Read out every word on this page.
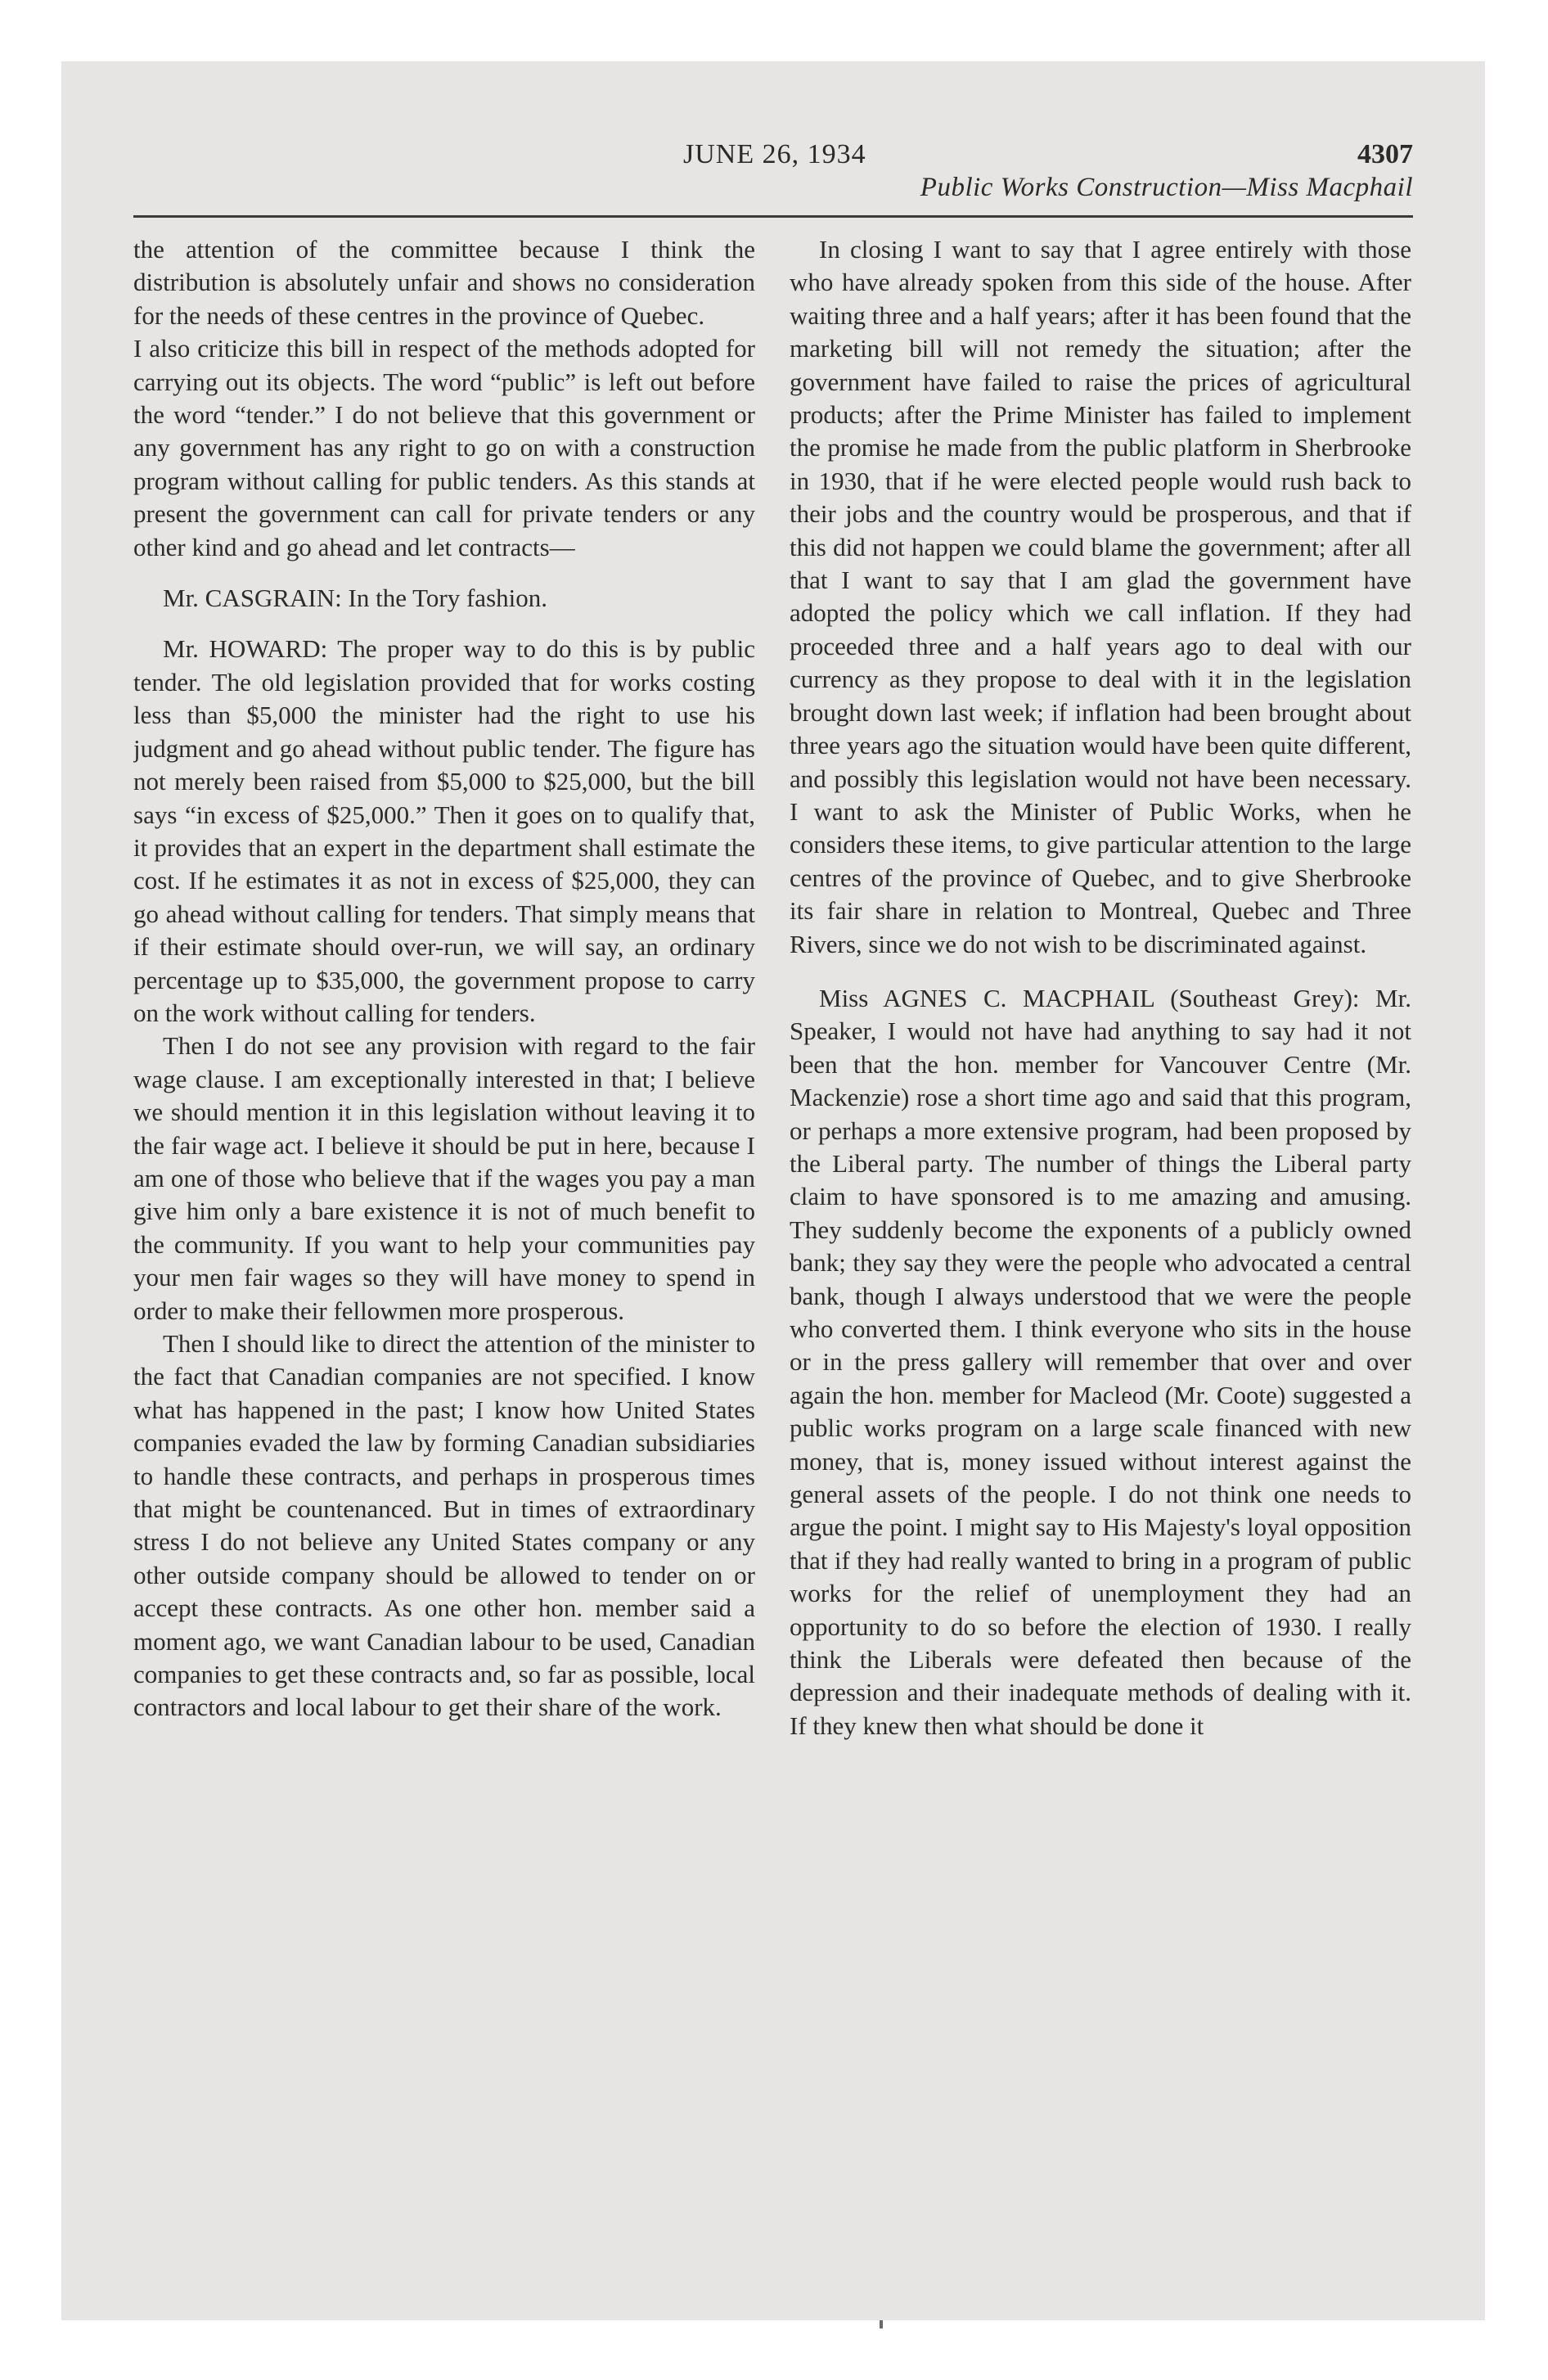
JUNE 26, 1934	4307
Public Works Construction—Miss Macphail

the attention of the committee because I think the distribution is absolutely unfair and shows no consideration for the needs of these centres in the province of Quebec.

I also criticize this bill in respect of the methods adopted for carrying out its objects. The word “public” is left out before the word “tender.” I do not believe that this government or any government has any right to go on with a construction program without calling for public tenders. As this stands at present the government can call for private tenders or any other kind and go ahead and let contracts—

Mr. CASGRAIN: In the Tory fashion.

Mr. HOWARD: The proper way to do this is by public tender. The old legislation provided that for works costing less than $5,000 the minister had the right to use his judgment and go ahead without public tender. The figure has not merely been raised from $5,000 to $25,000, but the bill says “in excess of $25,000.” Then it goes on to qualify that, it provides that an expert in the department shall estimate the cost. If he estimates it as not in excess of $25,000, they can go ahead without calling for tenders. That simply means that if their estimate should over-run, we will say, an ordinary percentage up to $35,000, the government propose to carry on the work without calling for tenders.

Then I do not see any provision with regard to the fair wage clause. I am exceptionally interested in that; I believe we should mention it in this legislation without leaving it to the fair wage act. I believe it should be put in here, because I am one of those who believe that if the wages you pay a man give him only a bare existence it is not of much benefit to the community. If you want to help your communities pay your men fair wages so they will have money to spend in order to make their fellowmen more prosperous.

Then I should like to direct the attention of the minister to the fact that Canadian companies are not specified. I know what has happened in the past; I know how United States companies evaded the law by forming Canadian subsidiaries to handle these contracts, and perhaps in prosperous times that might be countenanced. But in times of extraordinary stress I do not believe any United States company or any other outside company should be allowed to tender on or accept these contracts. As one other hon. member said a moment ago, we want Canadian labour to be used, Canadian companies to get these contracts and, so far as possible, local contractors and local labour to get their share of the work.

In closing I want to say that I agree entirely with those who have already spoken from this side of the house. After waiting three and a half years; after it has been found that the marketing bill will not remedy the situation; after the government have failed to raise the prices of agricultural products; after the Prime Minister has failed to implement the promise he made from the public platform in Sherbrooke in 1930, that if he were elected people would rush back to their jobs and the country would be prosperous, and that if this did not happen we could blame the government; after all that I want to say that I am glad the government have adopted the policy which we call inflation. If they had proceeded three and a half years ago to deal with our currency as they propose to deal with it in the legislation brought down last week; if inflation had been brought about three years ago the situation would have been quite different, and possibly this legislation would not have been necessary. I want to ask the Minister of Public Works, when he considers these items, to give particular attention to the large centres of the province of Quebec, and to give Sherbrooke its fair share in relation to Montreal, Quebec and Three Rivers, since we do not wish to be discriminated against.

Miss AGNES C. MACPHAIL (Southeast Grey): Mr. Speaker, I would not have had anything to say had it not been that the hon. member for Vancouver Centre (Mr. Mackenzie) rose a short time ago and said that this program, or perhaps a more extensive program, had been proposed by the Liberal party. The number of things the Liberal party claim to have sponsored is to me amazing and amusing. They suddenly become the exponents of a publicly owned bank; they say they were the people who advocated a central bank, though I always understood that we were the people who converted them. I think everyone who sits in the house or in the press gallery will remember that over and over again the hon. member for Macleod (Mr. Coote) suggested a public works program on a large scale financed with new money, that is, money issued without interest against the general assets of the people. I do not think one needs to argue the point. I might say to His Majesty's loyal opposition that if they had really wanted to bring in a program of public works for the relief of unemployment they had an opportunity to do so before the election of 1930. I really think the Liberals were defeated then because of the depression and their inadequate methods of dealing with it. If they knew then what should be done it
